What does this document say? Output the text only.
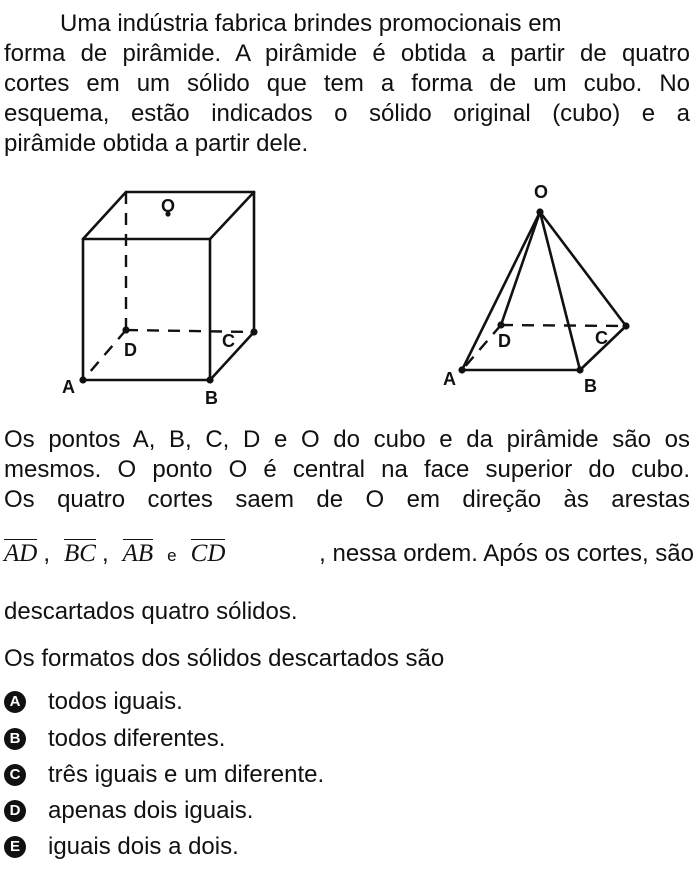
Uma indústria fabrica brindes promocionais em
forma de pirâmide. A pirâmide é obtida a partir de quatro
cortes em um sólido que tem a forma de um cubo. No
esquema, estão indicados o sólido original (cubo) e a
pirâmide obtida a partir dele.
O
A
B
C
D
O
A	B
C
D
Os pontos A, B, C, D e O do cubo e da pirâmide são os
mesmos. O ponto O é central na face superior do cubo.
Os quatro cortes saem de O em direção às arestas
AD , BC , AB e CD	, nessa ordem. Após os cortes, são
descartados quatro sólidos.
Os formatos dos sólidos descartados são
A todos iguais.
B todos diferentes.
C três iguais e um diferente.
D apenas dois iguais.
E iguais dois a dois.
